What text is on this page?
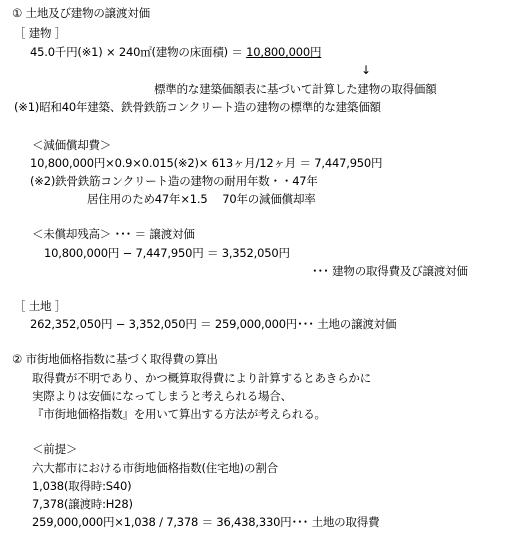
① 土地及び建物の譲渡対価
［ 建物 ］
45.0千円(※1) × 240㎡(建物の床面積) ＝ 10,800,000円
↓
標準的な建築価額表に基づいて計算した建物の取得価額
(※1)昭和40年建築、鉄骨鉄筋コンクリート造の建物の標準的な建築価額
＜減価償却費＞
10,800,000円×0.9×0.015(※2)× 613ヶ月/12ヶ月 ＝ 7,447,950円
(※2)鉄骨鉄筋コンクリート造の建物の耐用年数・・47年
居住用のため47年×1.5　 70年の減価償却率
＜未償却残高＞ ･･･ ＝ 譲渡対価
10,800,000円 − 7,447,950円 ＝ 3,352,050円
･･･ 建物の取得費及び譲渡対価
［ 土地 ］
262,352,050円 − 3,352,050円 ＝ 259,000,000円･･･ 土地の譲渡対価
② 市街地価格指数に基づく取得費の算出
取得費が不明であり、かつ概算取得費により計算するとあきらかに
実際よりは安価になってしまうと考えられる場合、
『市街地価格指数』を用いて算出する方法が考えられる。
＜前提＞
六大都市における市街地価格指数(住宅地)の割合
1,038(取得時:S40)
7,378(譲渡時:H28)
259,000,000円×1,038 / 7,378 ＝ 36,438,330円･･･ 土地の取得費
